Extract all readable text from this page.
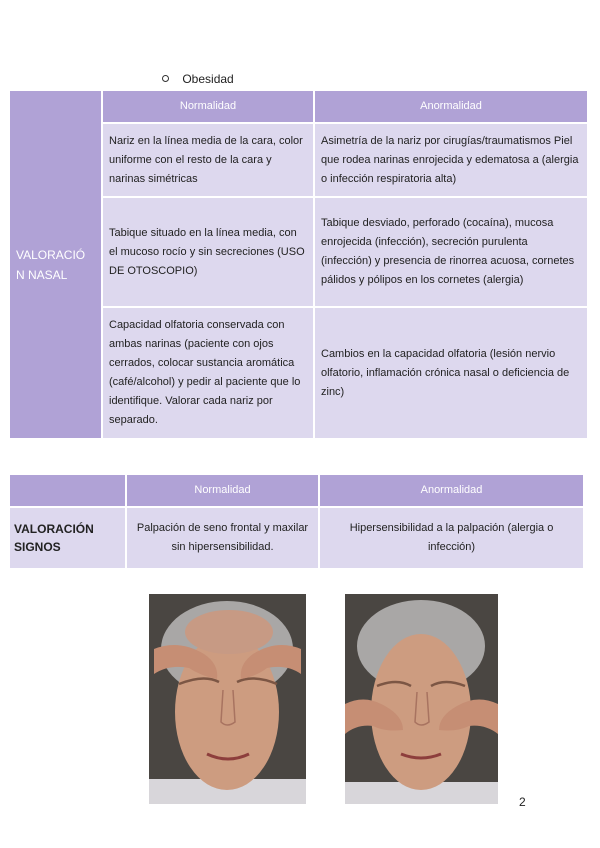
Obesidad
VALORACIÓN NASAL	Normalidad	Anormalidad
	Nariz en la línea media de la cara, color uniforme con el resto de la cara y narinas simétricas	Asimetría de la nariz por cirugías/traumatismos Piel que rodea narinas enrojecida y edematosa a (alergia o infección respiratoria alta)
	Tabique situado en la línea media, con el mucoso rocío y sin secreciones (USO DE OTOSCOPIO)	Tabique desviado, perforado (cocaína), mucosa enrojecida (infección), secreción purulenta (infección) y presencia de rinorrea acuosa, cornetes pálidos y pólipos en los cornetes (alergia)
	Capacidad olfatoria conservada con ambas narinas (paciente con ojos cerrados, colocar sustancia aromática (café/alcohol) y pedir al paciente que lo identifique. Valorar cada nariz por separado.	Cambios en la capacidad olfatoria (lesión nervio olfatorio, inflamación crónica nasal o deficiencia de zinc)
	Normalidad	Anormalidad
VALORACIÓN SIGNOS	Palpación de seno frontal y maxilar sin hipersensibilidad.	Hipersensibilidad a la palpación (alergia o infección)
2
